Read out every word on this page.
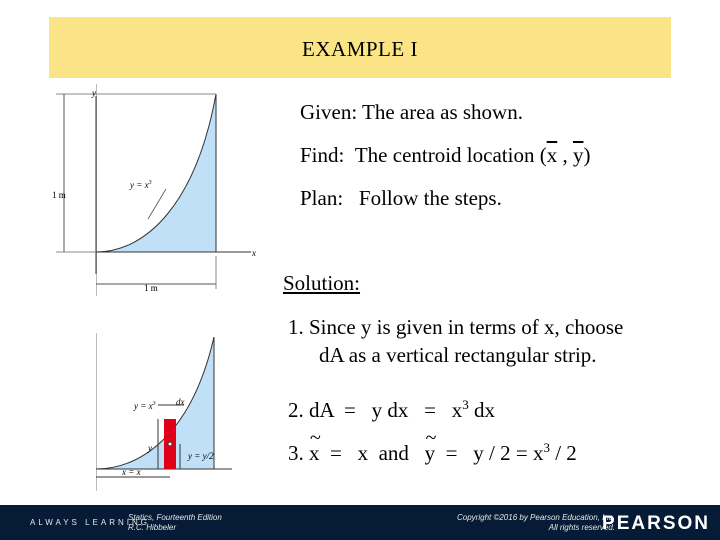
EXAMPLE I
y
x
$y = x^3$
1 m
1 m
$y = x^3$ dx
y
y = y/2
x = x
Given: The area as shown.
Find: The centroid location ($\overline{x}$ , $\overline{y}$)
Plan: Follow the steps.
Solution:
1. Since y is given in terms of x, choose
dA as a vertical rectangular strip.
2. dA  =   y dx   =   $x^3$ dx
3. ~ x  =   x  and   ~ $y = y / 2 = x^3 / 2$
ALWAYS LEARNING
Statics, Fourteenth Edition
R.C. Hibbeler
Copyright ©2016 by Pearson Education, Inc.
All rights reserved.
PEARSON
